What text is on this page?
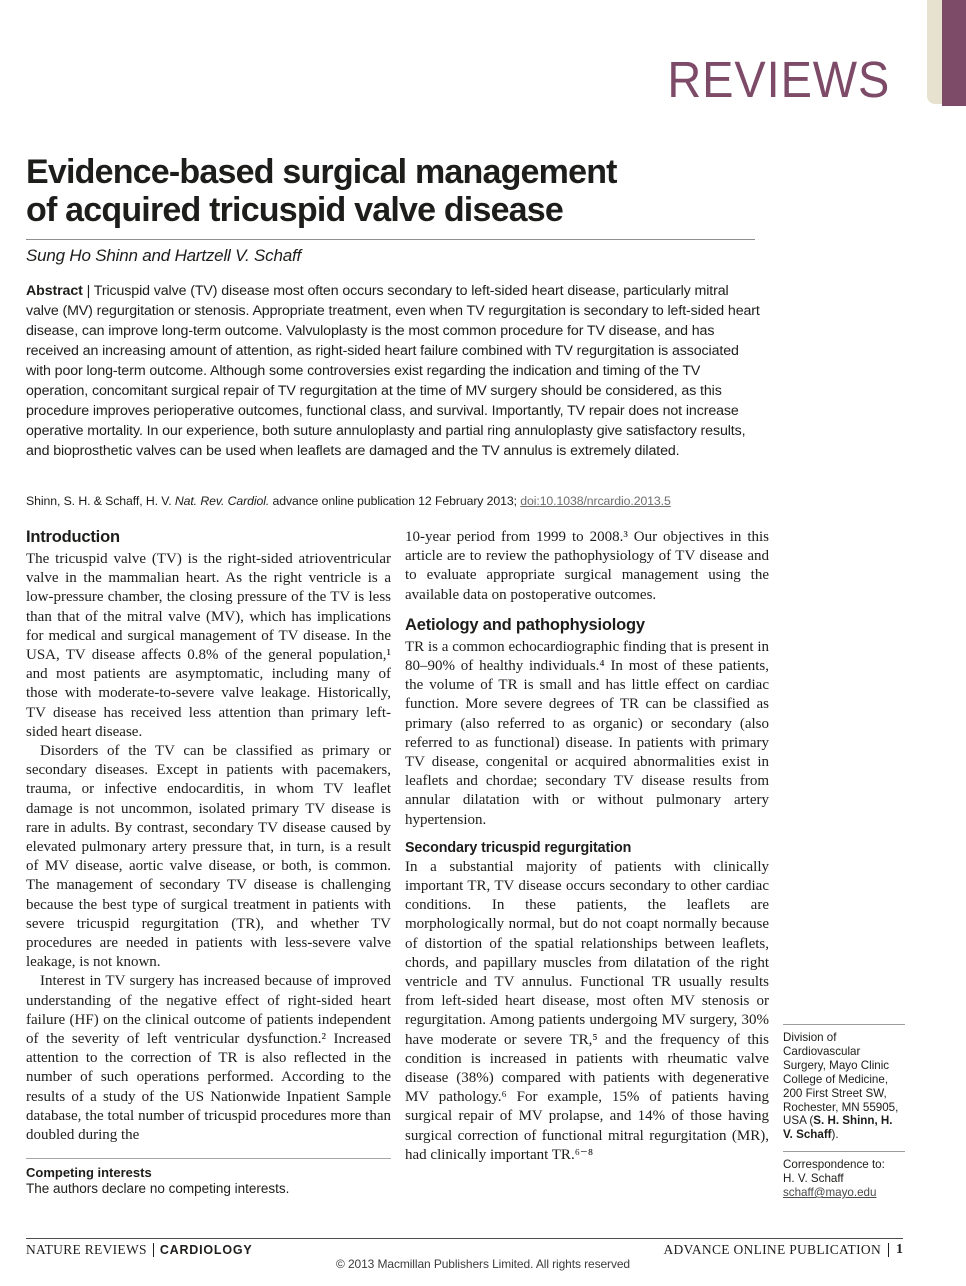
REVIEWS
Evidence-based surgical management
of acquired tricuspid valve disease
Sung Ho Shinn and Hartzell V. Schaff
Abstract | Tricuspid valve (TV) disease most often occurs secondary to left-sided heart disease, particularly mitral valve (MV) regurgitation or stenosis. Appropriate treatment, even when TV regurgitation is secondary to left-sided heart disease, can improve long-term outcome. Valvuloplasty is the most common procedure for TV disease, and has received an increasing amount of attention, as right-sided heart failure combined with TV regurgitation is associated with poor long-term outcome. Although some controversies exist regarding the indication and timing of the TV operation, concomitant surgical repair of TV regurgitation at the time of MV surgery should be considered, as this procedure improves perioperative outcomes, functional class, and survival. Importantly, TV repair does not increase operative mortality. In our experience, both suture annuloplasty and partial ring annuloplasty give satisfactory results, and bioprosthetic valves can be used when leaflets are damaged and the TV annulus is extremely dilated.
Shinn, S. H. & Schaff, H. V. Nat. Rev. Cardiol. advance online publication 12 February 2013; doi:10.1038/nrcardio.2013.5
Introduction

The tricuspid valve (TV) is the right-sided atrioventricular valve in the mammalian heart. As the right ventricle is a low-pressure chamber, the closing pressure of the TV is less than that of the mitral valve (MV), which has implications for medical and surgical management of TV disease. In the USA, TV disease affects 0.8% of the general population,¹ and most patients are asymptomatic, including many of those with moderate-to-severe valve leakage. Historically, TV disease has received less attention than primary left-sided heart disease.

Disorders of the TV can be classified as primary or secondary diseases. Except in patients with pacemakers, trauma, or infective endocarditis, in whom TV leaflet damage is not uncommon, isolated primary TV disease is rare in adults. By contrast, secondary TV disease caused by elevated pulmonary artery pressure that, in turn, is a result of MV disease, aortic valve disease, or both, is common. The management of secondary TV disease is challenging because the best type of surgical treatment in patients with severe tricuspid regurgitation (TR), and whether TV procedures are needed in patients with less-severe valve leakage, is not known.

Interest in TV surgery has increased because of improved understanding of the negative effect of right-sided heart failure (HF) on the clinical outcome of patients independent of the severity of left ventricular dysfunction.² Increased attention to the correction of TR is also reflected in the number of such operations performed. According to the results of a study of the US Nationwide Inpatient Sample database, the total number of tricuspid procedures more than doubled during the

10-year period from 1999 to 2008.³ Our objectives in this article are to review the pathophysiology of TV disease and to evaluate appropriate surgical management using the available data on postoperative outcomes.

Aetiology and pathophysiology

TR is a common echocardiographic finding that is present in 80–90% of healthy individuals.⁴ In most of these patients, the volume of TR is small and has little effect on cardiac function. More severe degrees of TR can be classified as primary (also referred to as organic) or secondary (also referred to as functional) disease. In patients with primary TV disease, congenital or acquired abnormalities exist in leaflets and chordae; secondary TV disease results from annular dilatation with or without pulmonary artery hypertension.

Secondary tricuspid regurgitation

In a substantial majority of patients with clinically important TR, TV disease occurs secondary to other cardiac conditions. In these patients, the leaflets are morphologically normal, but do not coapt normally because of distortion of the spatial relationships between leaflets, chords, and papillary muscles from dilatation of the right ventricle and TV annulus. Functional TR usually results from left-sided heart disease, most often MV stenosis or regurgitation. Among patients undergoing MV surgery, 30% have moderate or severe TR,⁵ and the frequency of this condition is increased in patients with rheumatic valve disease (38%) compared with patients with degenerative MV pathology.⁶ For example, 15% of patients having surgical repair of MV prolapse, and 14% of those having surgical correction of functional mitral regurgitation (MR), had clinically important TR.⁶⁻⁸

Competing interests
The authors declare no competing interests.
Division of Cardiovascular Surgery, Mayo Clinic College of Medicine, 200 First Street SW, Rochester, MN 55905, USA (S. H. Shinn, H. V. Schaff).
Correspondence to:
H. V. Schaff
schaff@mayo.edu
NATURE REVIEWS CARDIOLOGY	ADVANCE ONLINE PUBLICATION 1
© 2013 Macmillan Publishers Limited. All rights reserved
